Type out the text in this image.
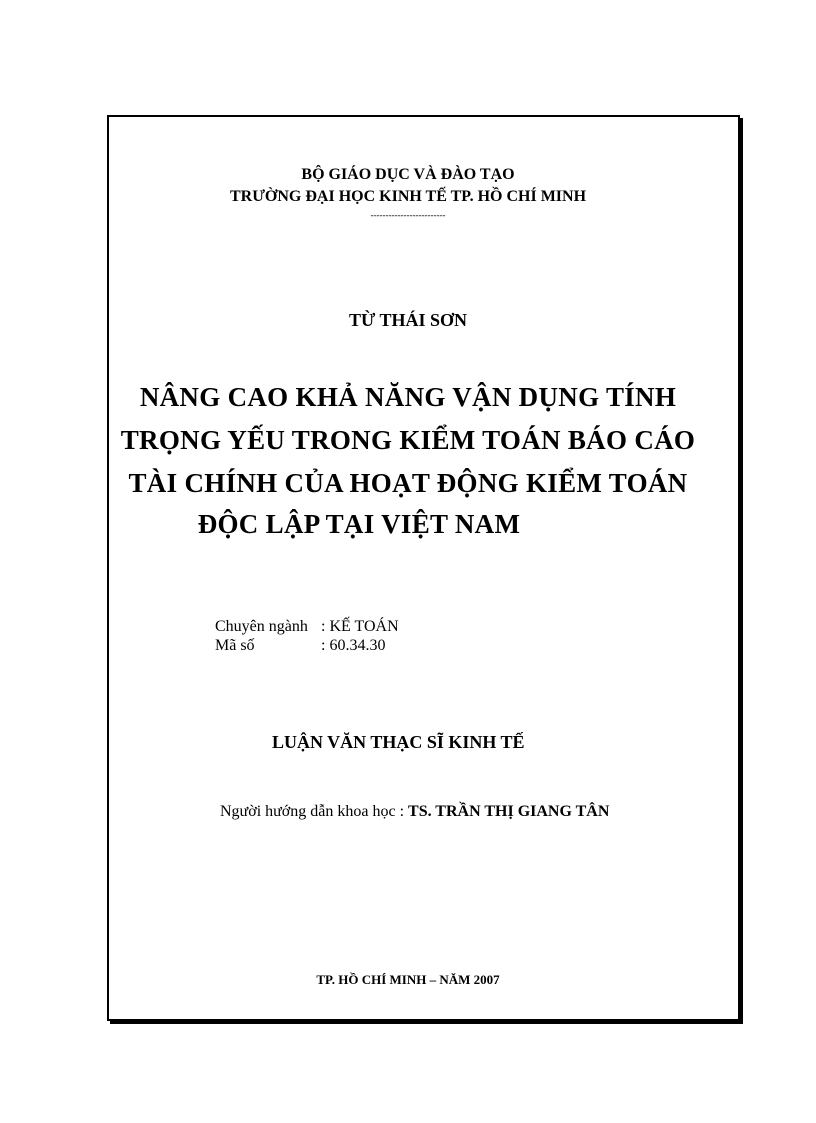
BỘ GIÁO DỤC VÀ ĐÀO TẠO
TRƯỜNG ĐẠI HỌC KINH TẾ TP. HỒ CHÍ MINH
-------------------------
TỪ THÁI SƠN
NÂNG CAO KHẢ NĂNG VẬN DỤNG TÍNH
TRỌNG YẾU TRONG KIỂM TOÁN BÁO CÁO
TÀI CHÍNH CỦA HOẠT ĐỘNG KIỂM TOÁN
ĐỘC LẬP TẠI VIỆT NAM
Chuyên ngành : KẾ TOÁN
Mã số	: 60.34.30
LUẬN VĂN THẠC SĨ KINH TẾ
Người hướng dẫn khoa học : TS. TRẦN THỊ GIANG TÂN
TP. HỒ CHÍ MINH – NĂM 2007
